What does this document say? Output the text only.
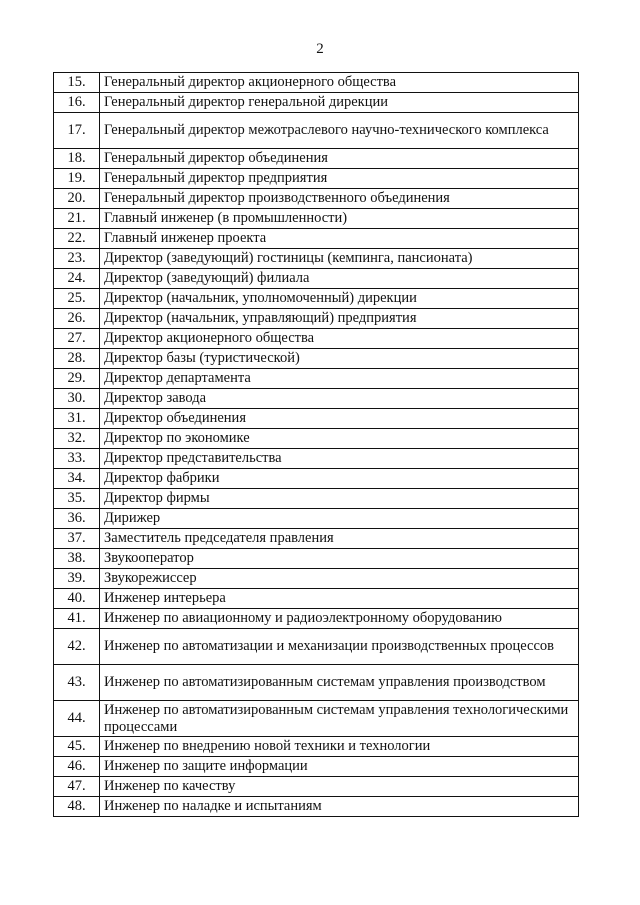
2
15.	Генеральный директор акционерного общества
16.	Генеральный директор генеральной дирекции
17.	Генеральный директор межотраслевого научно-технического комплекса
18.	Генеральный директор объединения
19.	Генеральный директор предприятия
20.	Генеральный директор производственного объединения
21.	Главный инженер (в промышленности)
22.	Главный инженер проекта
23.	Директор (заведующий) гостиницы (кемпинга, пансионата)
24.	Директор (заведующий) филиала
25.	Директор (начальник, уполномоченный) дирекции
26.	Директор (начальник, управляющий) предприятия
27.	Директор акционерного общества
28.	Директор базы (туристической)
29.	Директор департамента
30.	Директор завода
31.	Директор объединения
32.	Директор по экономике
33.	Директор представительства
34.	Директор фабрики
35.	Директор фирмы
36.	Дирижер
37.	Заместитель председателя правления
38.	Звукооператор
39.	Звукорежиссер
40.	Инженер интерьера
41.	Инженер по авиационному и радиоэлектронному оборудованию
42.	Инженер по автоматизации и механизации производственных процессов
43.	Инженер по автоматизированным системам управления производством
44.	Инженер по автоматизированным системам управления технологическими процессами
45.	Инженер по внедрению новой техники и технологии
46.	Инженер по защите информации
47.	Инженер по качеству
48.	Инженер по наладке и испытаниям
